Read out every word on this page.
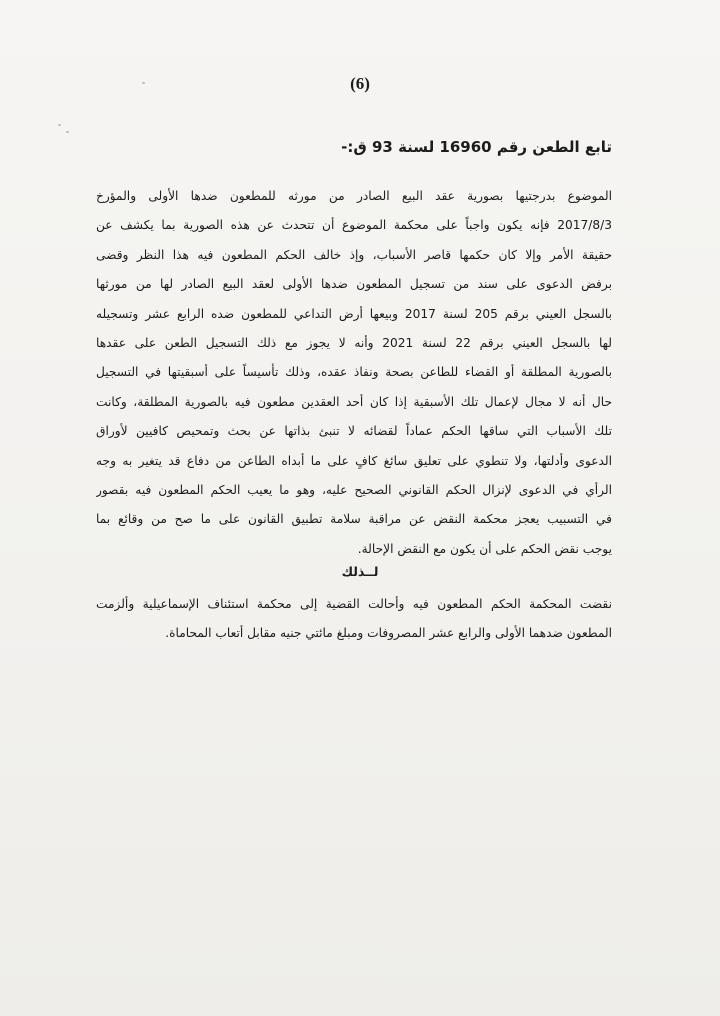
(6)
تابع الطعن رقم 16960 لسنة 93 ق:-
الموضوع بدرجتيها بصورية عقد البيع الصادر من مورثه للمطعون ضدها الأولى والمؤرخ
2017/8/3 فإنه يكون واجباً على محكمة الموضوع أن تتحدث عن هذه الصورية بما يكشف عن
حقيقة الأمر وإلا كان حكمها قاصر الأسباب، وإذ خالف الحكم المطعون فيه هذا النظر وقضى
برفض الدعوى على سند من تسجيل المطعون ضدها الأولى لعقد البيع الصادر لها من مورثها
بالسجل العيني برقم 205 لسنة 2017 وبيعها أرض التداعي للمطعون ضده الرابع عشر وتسجيله
لها بالسجل العيني برقم 22 لسنة 2021 وأنه لا يجوز مع ذلك التسجيل الطعن على عقدها
بالصورية المطلقة أو القضاء للطاعن بصحة ونفاذ عقده، وذلك تأسيساً على أسبقيتها في التسجيل
حال أنه لا مجال لإعمال تلك الأسبقية إذا كان أحد العقدين مطعون فيه بالصورية المطلقة، وكانت
تلك الأسباب التي ساقها الحكم عماداً لقضائه لا تنبئ بذاتها عن بحث وتمحيص كافيين لأوراق
الدعوى وأدلتها، ولا تنطوي على تعليق سائغ كافٍ على ما أبداه الطاعن من دفاع قد يتغير به وجه
الرأي في الدعوى لإنزال الحكم القانوني الصحيح عليه، وهو ما يعيب الحكم المطعون فيه بقصور
في التسبيب يعجز محكمة النقض عن مراقبة سلامة تطبيق القانون على ما صح من وقائع بما
يوجب نقض الحكم على أن يكون مع النقض الإحالة.
لــذلك
نقضت المحكمة الحكم المطعون فيه وأحالت القضية إلى محكمة استئناف الإسماعيلية وألزمت
المطعون ضدهما الأولى والرابع عشر المصروفات ومبلغ مائتي جنيه مقابل أتعاب المحاماة.
